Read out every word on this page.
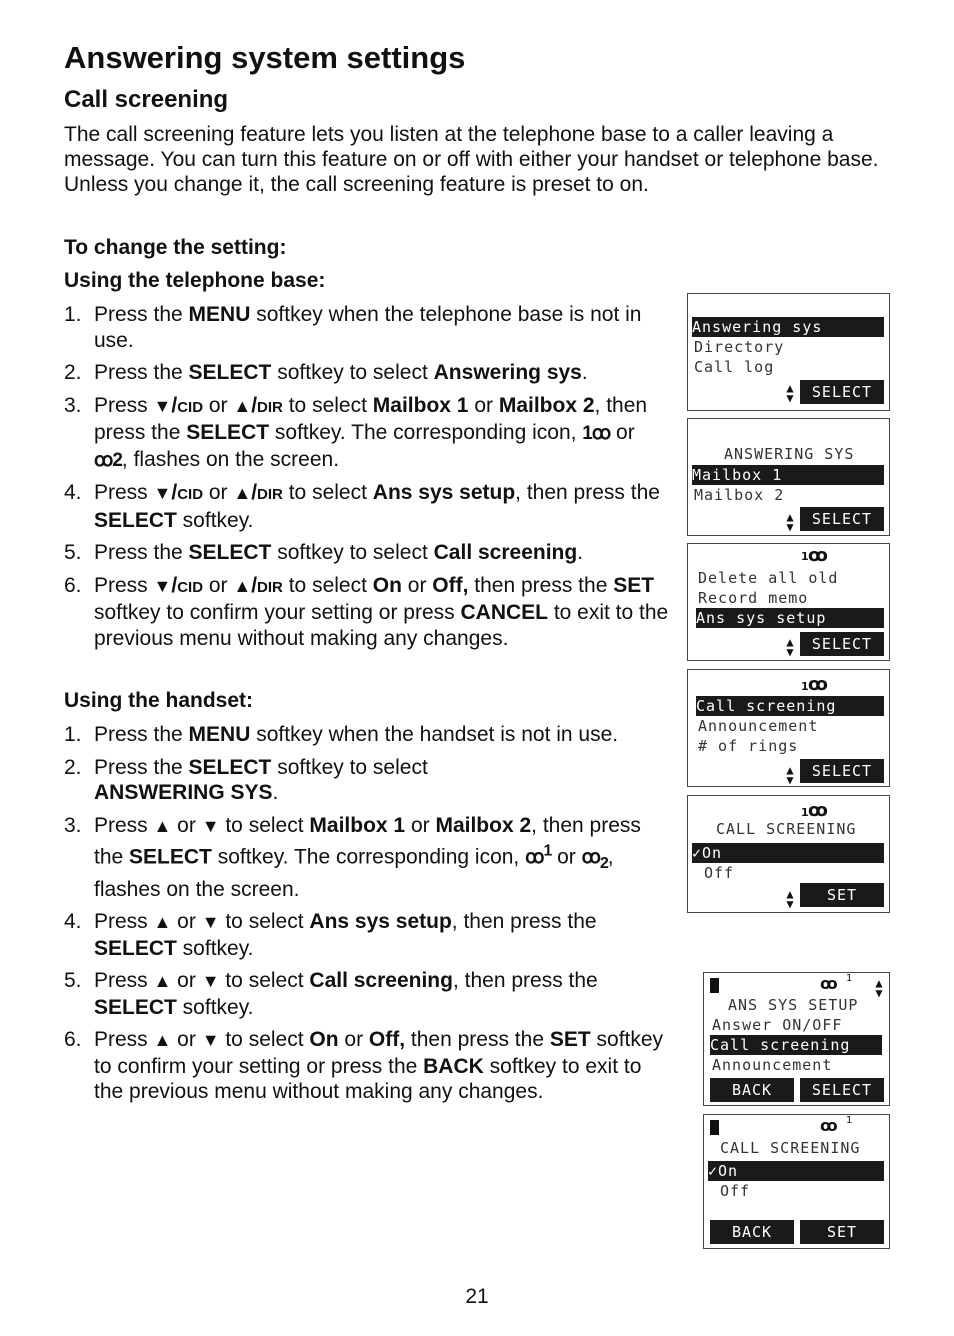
Answering system settings
Call screening

The call screening feature lets you listen at the telephone base to a caller leaving a message. You can turn this feature on or off with either your handset or telephone base. Unless you change it, the call screening feature is preset to on.

To change the setting:
Using the telephone base:
1. Press the MENU softkey when the telephone base is not in use.
2. Press the SELECT softkey to select Answering sys.
3. Press ▼/CID or ▲/DIR to select Mailbox 1 or Mailbox 2, then press the SELECT softkey. The corresponding icon, 1ꝏ or ꝏ2, flashes on the screen.
4. Press ▼/CID or ▲/DIR to select Ans sys setup, then press the SELECT softkey.
5. Press the SELECT softkey to select Call screening.
6. Press ▼/CID or ▲/DIR to select On or Off, then press the SET softkey to confirm your setting or press CANCEL to exit to the previous menu without making any changes.
Using the handset:
1. Press the MENU softkey when the handset is not in use.
2. Press the SELECT softkey to select
ANSWERING SYS.
3. Press ▲ or ▼ to select Mailbox 1 or Mailbox 2, then press the SELECT softkey. The corresponding icon, ꝏ$^1$ or ꝏ$_2$, flashes on the screen.
4. Press ▲ or ▼ to select Ans sys setup, then press the SELECT softkey.
5. Press ▲ or ▼ to select Call screening, then press the SELECT softkey.
6. Press ▲ or ▼ to select On or Off, then press the SET softkey to confirm your setting or press the BACK softkey to exit to the previous menu without making any changes.
Answering sys
Directory
Call log
▲
▼	SELECT
ANSWERING SYS
Mailbox 1
Mailbox 2
▲
▼	SELECT
1 ꝏ
Delete all old
Record memo
Ans sys setup
▲
▼	SELECT
1 ꝏ
Call screening
Announcement
# of rings
▲
▼	SELECT
1 ꝏ
CALL SCREENING
✓On
Off
▲
▼	SET
ꝏ 1 ▲
▼
ANS SYS SETUP
Answer ON/OFF
Call screening
Announcement
BACK	SELECT
ꝏ 1
CALL SCREENING
✓On
Off
BACK	SET
21
